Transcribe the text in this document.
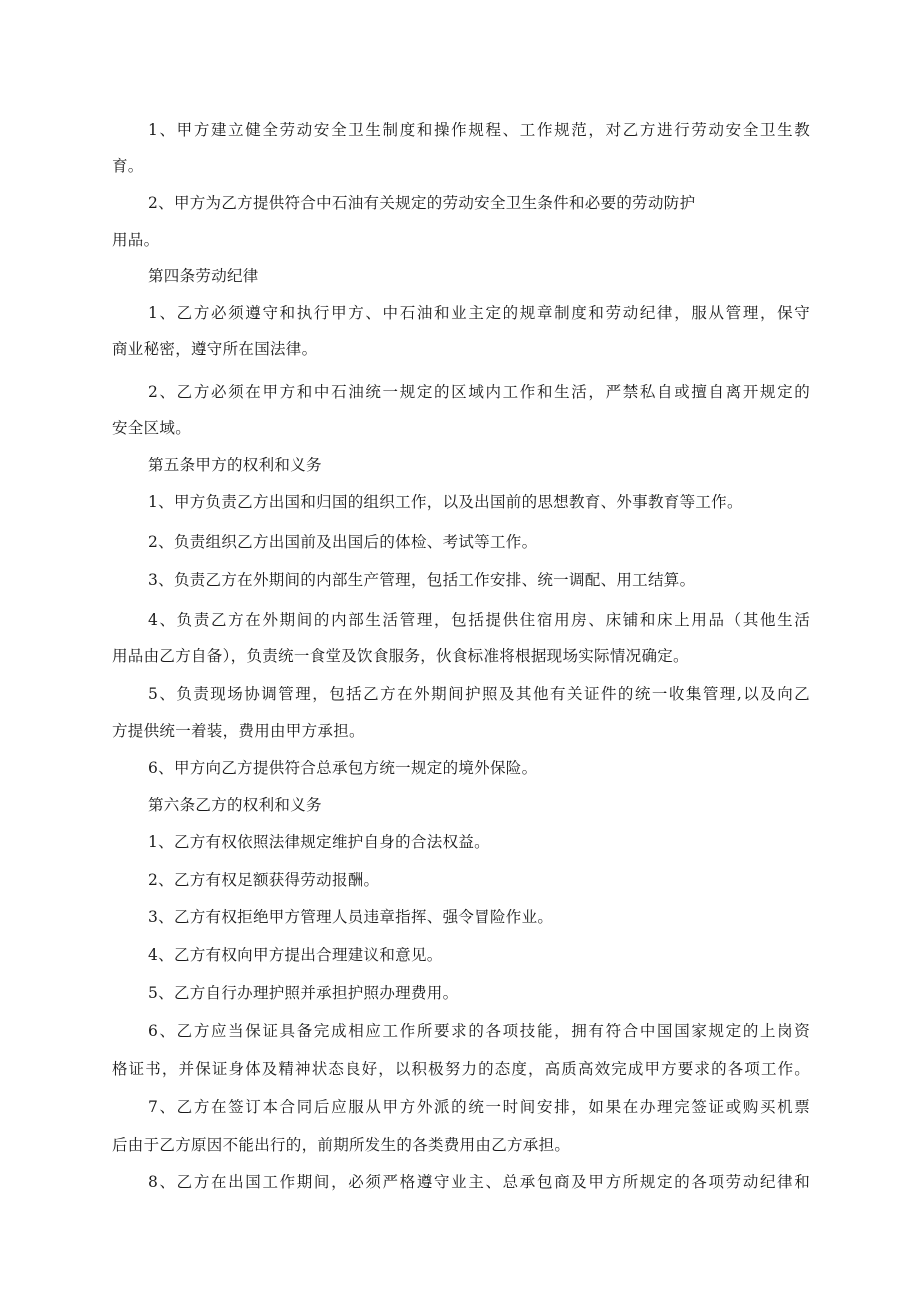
1 、 甲 方 建 立 健 全 劳 动 安 全 卫 生 制 度 和 操 作 规 程 、 工 作 规 范 ， 对 乙 方 进 行 劳 动 安 全 卫 生 教
育。
2、甲方为乙方提供符合中石油有关规定的劳动安全卫生条件和必要的劳动防护
用品。
第四条劳动纪律
1 、 乙 方 必 须 遵 守 和 执 行 甲 方 、 中 石 油 和 业 主 定 的 规 章 制 度 和 劳 动 纪 律 ， 服 从 管 理 ， 保 守
商业秘密，遵守所在国法律。
2 、 乙 方 必 须 在 甲 方 和 中 石 油 统 一 规 定 的 区 域 内 工 作 和 生 活 ， 严 禁 私 自 或 擅 自 离 开 规 定 的
安全区域。
第五条甲方的权利和义务
1、甲方负责乙方出国和归国的组织工作，以及出国前的思想教育、外事教育等工作。
2、负责组织乙方出国前及出国后的体检、考试等工作。
3、负责乙方在外期间的内部生产管理，包括工作安排、统一调配、用工结算。
4 、 负 责 乙 方 在 外 期 间 的 内 部 生 活 管 理 ， 包 括 提 供 住 宿 用 房 、 床 铺 和 床 上 用 品 （ 其 他 生 活
用品由乙方自备），负责统一食堂及饮食服务，伙食标准将根据现场实际情况确定。
5 、 负 责 现 场 协 调 管 理 ， 包 括 乙 方 在 外 期 间 护 照 及 其 他 有 关 证 件 的 统 一 收 集 管 理 , 以 及 向 乙
方提供统一着装，费用由甲方承担。
6、甲方向乙方提供符合总承包方统一规定的境外保险。
第六条乙方的权利和义务
1、乙方有权依照法律规定维护自身的合法权益。
2、乙方有权足额获得劳动报酬。
3、乙方有权拒绝甲方管理人员违章指挥、强令冒险作业。
4、乙方有权向甲方提出合理建议和意见。
5、乙方自行办理护照并承担护照办理费用。
6 、 乙 方 应 当 保 证 具 备 完 成 相 应 工 作 所 要 求 的 各 项 技 能 ， 拥 有 符 合 中 国 国 家 规 定 的 上 岗 资
格 证 书 ， 并 保 证 身 体 及 精 神 状 态 良 好 ， 以 积 极 努 力 的 态 度 ， 高 质 高 效 完 成 甲 方 要 求 的 各 项 工 作 。
7 、 乙 方 在 签 订 本 合 同 后 应 服 从 甲 方 外 派 的 统 一 时 间 安 排 ， 如 果 在 办 理 完 签 证 或 购 买 机 票
后由于乙方原因不能出行的，前期所发生的各类费用由乙方承担。
8 、 乙 方 在 出 国 工 作 期 间 ， 必 须 严 格 遵 守 业 主 、 总 承 包 商 及 甲 方 所 规 定 的 各 项 劳 动 纪 律 和
